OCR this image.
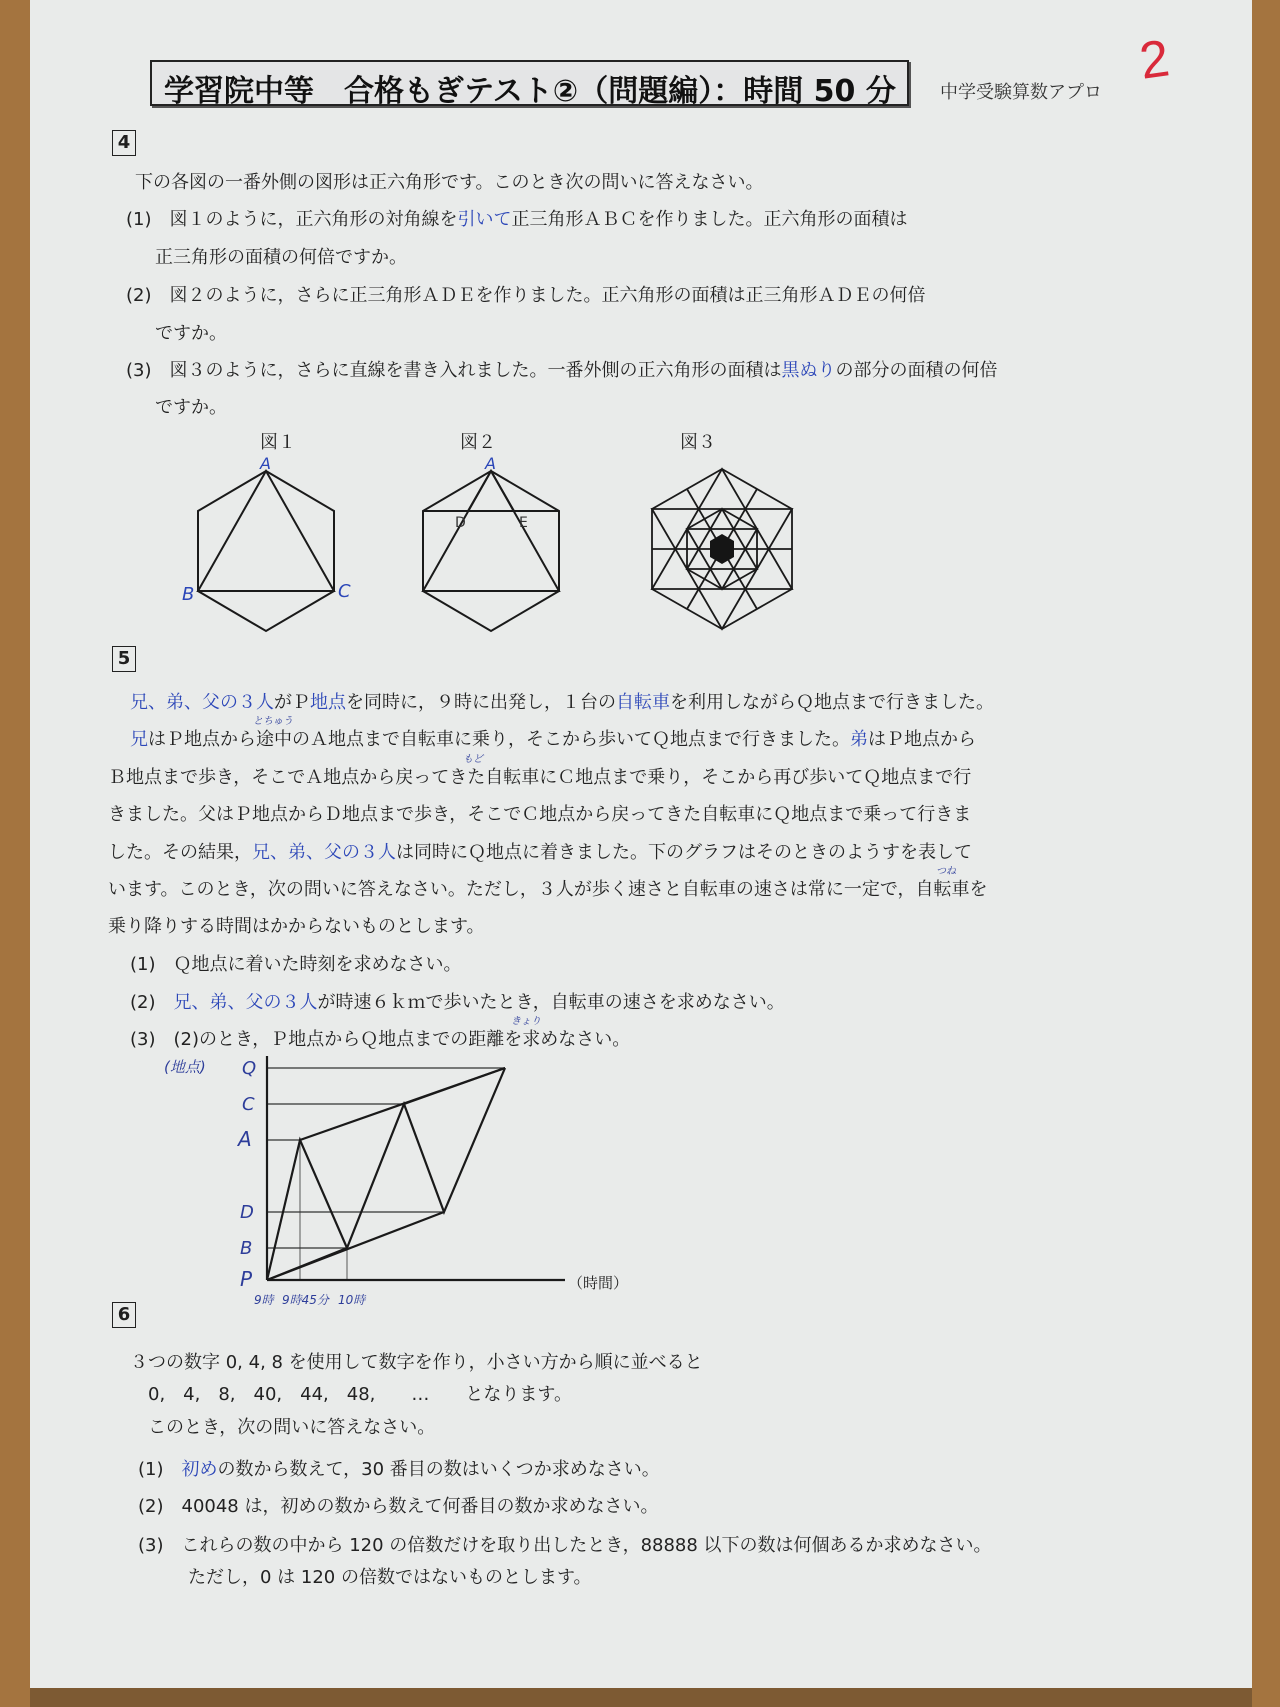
学習院中等　合格もぎテスト②（問題編）：時間 50 分 中学受験算数アプロ
2
4
下の各図の一番外側の図形は正六角形です。このとき次の問いに答えなさい。
(1)　図１のように，正六角形の対角線を引いて正三角形ＡＢＣを作りました。正六角形の面積は
正三角形の面積の何倍ですか。
(2)　図２のように，さらに正三角形ＡＤＥを作りました。正六角形の面積は正三角形ＡＤＥの何倍
ですか。
(3)　図３のように，さらに直線を書き入れました。一番外側の正六角形の面積は黒ぬりの部分の面積の何倍
ですか。
図１
A
B	C
図２
A
D	E
図３
5
兄、弟、父の３人がＰ地点を同時に，９時に出発し，１台の自転車を利用しながらＱ地点まで行きました。
とちゅう
兄はＰ地点から途中のＡ地点まで自転車に乗り，そこから歩いてＱ地点まで行きました。弟はＰ地点から
もど
Ｂ地点まで歩き，そこでＡ地点から戻ってきた自転車にＣ地点まで乗り，そこから再び歩いてＱ地点まで行
きました。父はＰ地点からＤ地点まで歩き，そこでＣ地点から戻ってきた自転車にＱ地点まで乗って行きま
した。その結果，兄、弟、父の３人は同時にＱ地点に着きました。下のグラフはそのときのようすを表して
つね
います。このとき，次の問いに答えなさい。ただし，３人が歩く速さと自転車の速さは常に一定で，自転車を
乗り降りする時間はかからないものとします。
(1)　Ｑ地点に着いた時刻を求めなさい。
(2)　兄、弟、父の３人が時速６ｋｍで歩いたとき，自転車の速さを求めなさい。
きょり
(3)　(2)のとき，Ｐ地点からＱ地点までの距離を求めなさい。
(地点) Q
C
A
D
B
P	（時間）
9時 9時45分 10時
6
３つの数字 0, 4, 8 を使用して数字を作り，小さい方から順に並べると
0,　4,　8,　40,　44,　48,　　…　　となります。
このとき，次の問いに答えなさい。
(1)　初めの数から数えて，30 番目の数はいくつか求めなさい。
(2)　40048 は，初めの数から数えて何番目の数か求めなさい。
(3)　これらの数の中から 120 の倍数だけを取り出したとき，88888 以下の数は何個あるか求めなさい。
ただし，0 は 120 の倍数ではないものとします。
